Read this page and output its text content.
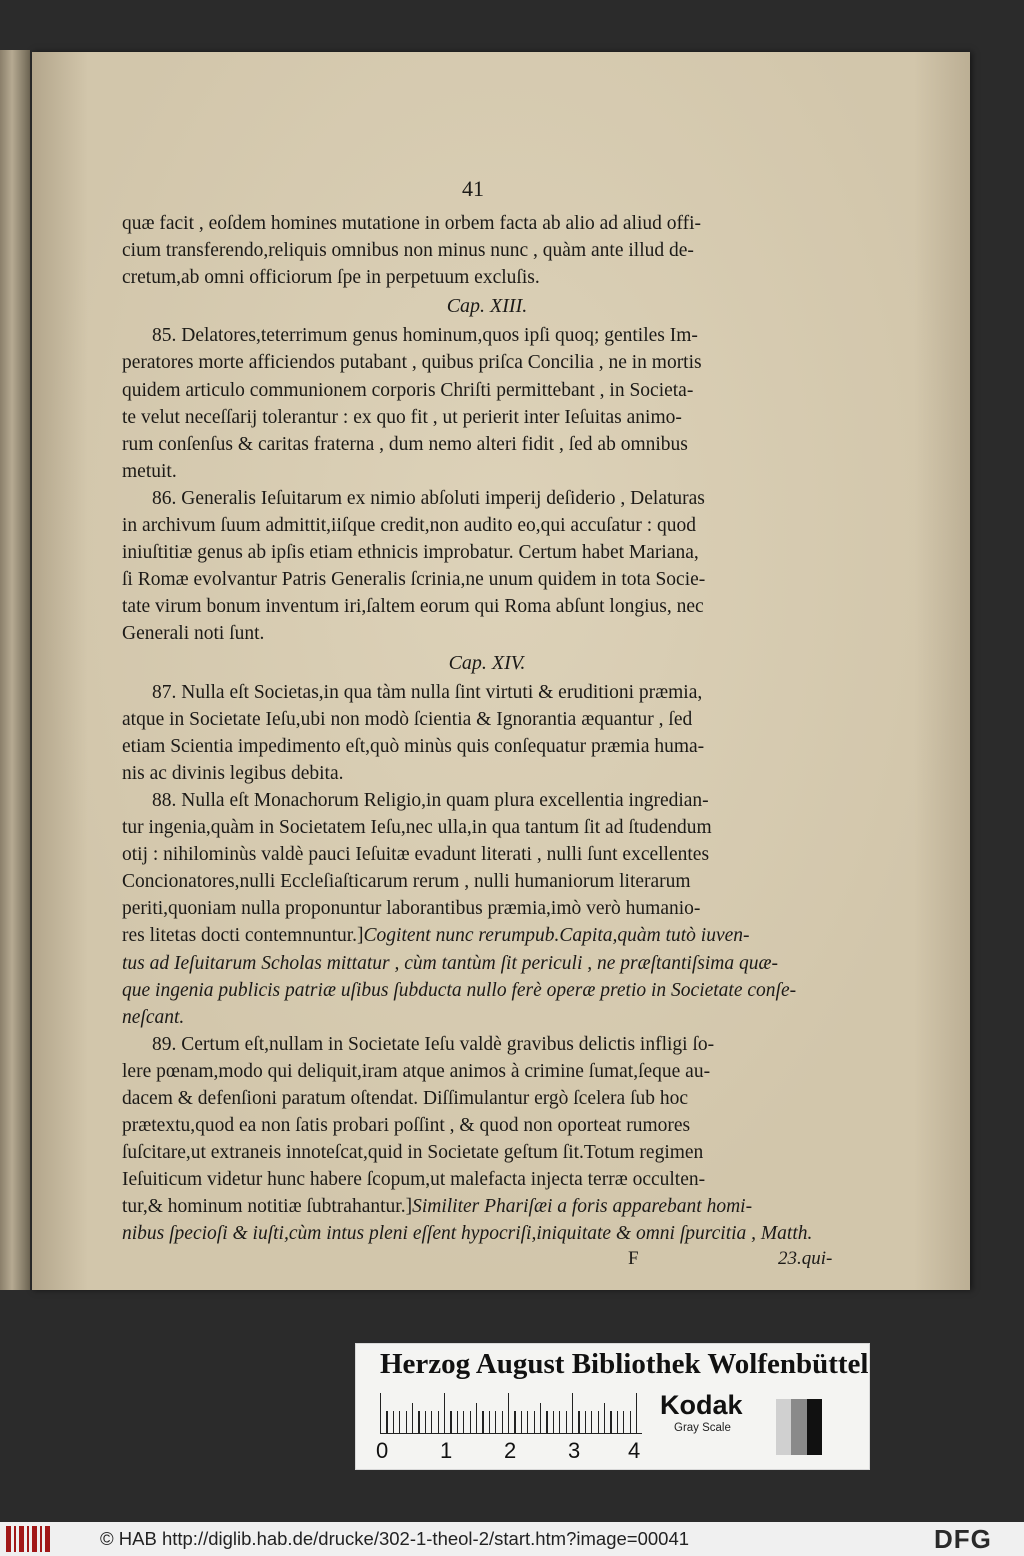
41
quæ facit , eoſdem homines mutatione in orbem facta ab alio ad aliud offi-
cium transferendo,reliquis omnibus non minus nunc , quàm ante illud de-
cretum,ab omni officiorum ſpe in perpetuum excluſis.
Cap. XIII.
85. Delatores,teterrimum genus hominum,quos ipſi quoq; gentiles Im-
peratores morte afficiendos putabant , quibus priſca Concilia , ne in mortis
quidem articulo communionem corporis Chriſti permittebant , in Societa-
te velut neceſſarij tolerantur : ex quo fit , ut perierit inter Ieſuitas animo-
rum conſenſus & caritas fraterna , dum nemo alteri fidit , ſed ab omnibus
metuit.
86. Generalis Ieſuitarum ex nimio abſoluti imperij deſiderio , Delaturas
in archivum ſuum admittit,iiſque credit,non audito eo,qui accuſatur : quod
iniuſtitiæ genus ab ipſis etiam ethnicis improbatur. Certum habet Mariana,
ſi Romæ evolvantur Patris Generalis ſcrinia,ne unum quidem in tota Socie-
tate virum bonum inventum iri,ſaltem eorum qui Roma abſunt longius, nec
Generali noti ſunt.
Cap. XIV.
87. Nulla eſt Societas,in qua tàm nulla ſint virtuti & eruditioni præmia,
atque in Societate Ieſu,ubi non modò ſcientia & Ignorantia æquantur , ſed
etiam Scientia impedimento eſt,quò minùs quis conſequatur præmia huma-
nis ac divinis legibus debita.
88. Nulla eſt Monachorum Religio,in quam plura excellentia ingredian-
tur ingenia,quàm in Societatem Ieſu,nec ulla,in qua tantum ſit ad ſtudendum
otij : nihilominùs valdè pauci Ieſuitæ evadunt literati , nulli ſunt excellentes
Concionatores,nulli Eccleſiaſticarum rerum , nulli humaniorum literarum
periti,quoniam nulla proponuntur laborantibus præmia,imò verò humanio-
res litetas docti contemnuntur.]Cogitent nunc rerumpub.Capita,quàm tutò iuven-
tus ad Ieſuitarum Scholas mittatur , cùm tantùm ſit periculi , ne præſtantiſsima quæ-
que ingenia publicis patriæ uſibus ſubducta nullo ferè operæ pretio in Societate conſe-
neſcant.
89. Certum eſt,nullam in Societate Ieſu valdè gravibus delictis infligi ſo-
lere pœnam,modo qui deliquit,iram atque animos à crimine ſumat,ſeque au-
dacem & defenſioni paratum oſtendat. Diſſimulantur ergò ſcelera ſub hoc
prætextu,quod ea non ſatis probari poſſint , & quod non oporteat rumores
ſuſcitare,ut extraneis innoteſcat,quid in Societate geſtum ſit.Totum regimen
Ieſuiticum videtur hunc habere ſcopum,ut malefacta injecta terræ occulten-
tur,& hominum notitiæ ſubtrahantur.]Similiter Phariſæi a foris apparebant homi-
nibus ſpecioſi & iuſti,cùm intus pleni eſſent hypocriſi,iniquitate & omni ſpurcitia , Matth.
F	23.qui-
Herzog August Bibliothek Wolfenbüttel
0 1 2 3 4
Kodak
Gray Scale
© HAB http://diglib.hab.de/drucke/302-1-theol-2/start.htm?image=00041	DFG
